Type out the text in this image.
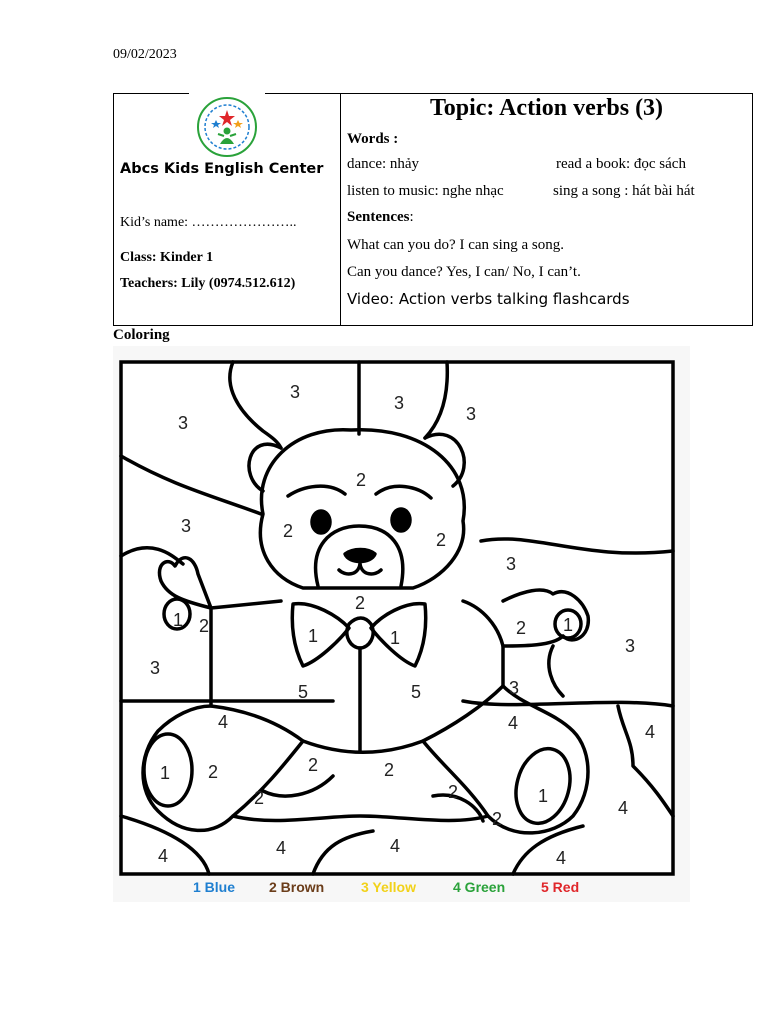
09/02/2023
Abcs Kids English Center
Kid’s name: …………………..
Class: Kinder 1
Teachers: Lily (0974.512.612)
Topic: Action verbs (3)
Words :
dance: nhảy	read a book: đọc sách
listen to music: nghe nhạc	sing a song : hát bài hát
Sentences:
What can you do? I can sing a song.
Can you dance? Yes, I can/ No, I can’t.
Video: Action verbs talking flashcards
Coloring
3
3
3
3
3
2
2	2
3
2
1 2	1	1	2 1
3
3
5	5	3
4	4	4
1 2	2	2
2	2	1
2
4
4	4	4
4
1 Blue 2 Brown	3 Yellow	4 Green	5 Red
